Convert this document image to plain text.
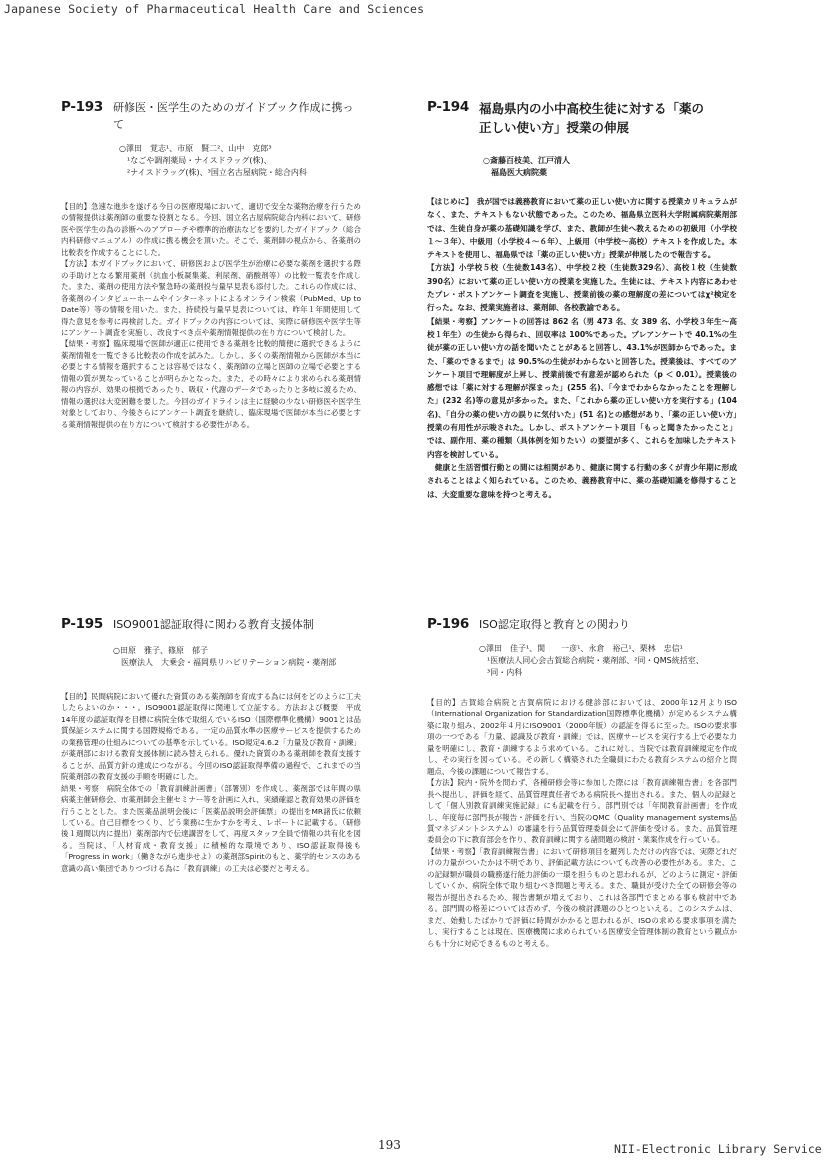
Japanese Society of Pharmaceutical Health Care and Sciences
P-193 研修医・医学生のためのガイドブック作成に携って
○澤田　覚志¹、市原　賢二²、山中　克郎³
¹なごや調剤薬局・ナイスドラッグ(株)、
²ナイスドラッグ(株)、³国立名古屋病院・総合内科

【目的】急速な進歩を遂げる今日の医療現場において、適切で安全な薬物治療を行うための情報提供は薬剤師の重要な役割となる。今回、国立名古屋病院総合内科において、研修医や医学生の為の診断へのアプローチや標準的治療法などを要約したガイドブック（総合内科研修マニュアル）の作成に携る機会を頂いた。そこで、薬剤師の視点から、各薬剤の比較表を作成することにした。

【方法】本ガイドブックにおいて、研修医および医学生が治療に必要な薬剤を選択する際の手助けとなる繁用薬剤（抗血小板凝集薬、利尿剤、硝酸剤等）の比較一覧表を作成した。また、薬剤の使用方法や緊急時の薬剤投与量早見表も添付した。これらの作成には、各薬剤のインタビューホームやインターネットによるオンライン検索（PubMed、Up to Date等）等の情報を用いた。また、持続投与量早見表については、昨年１年間使用して得た意見を参考に再検討した。ガイドブックの内容については、実際に研修医や医学生等にアンケート調査を実施し、改良すべき点や薬剤情報提供の在り方について検討した。

【結果・考察】臨床現場で医師が適正に使用できる薬剤を比較的簡便に選択できるように薬剤情報を一覧できる比較表の作成を試みた。しかし、多くの薬剤情報から医師が本当に必要とする情報を選択することは容易ではなく、薬剤師の立場と医師の立場で必要とする情報の質が異なっていることが明らかとなった。また、その時々により求められる薬剤情報の内容が、効果の根拠であったり、吸収・代謝のデータであったりと多岐に渡るため、情報の選択は大変困難を要した。今回のガイドラインは主に経験の少ない研修医や医学生対象としており、今後さらにアンケート調査を継続し、臨床現場で医師が本当に必要とする薬剤情報提供の在り方について検討する必要性がある。

P-194 福島県内の小中高校生徒に対する「薬の
正しい使い方」授業の伸展
○斎藤百枝美、江戸清人
福島医大病院薬

【はじめに】　我が国では義務教育において薬の正しい使い方に関する授業カリキュラムがなく、また、テキストもない状態であった。このため、福島県立医科大学附属病院薬剤部では、生徒自身が薬の基礎知識を学び、また、教師が生徒へ教えるための初級用（小学校１〜３年）、中級用（小学校４〜６年）、上級用（中学校〜高校）テキストを作成した。本テキストを使用し、福島県では「薬の正しい使い方」授業が伸展したので報告する。

【方法】小学校５校（生徒数143名）、中学校２校（生徒数329名）、高校１校（生徒数390名）において薬の正しい使い方の授業を実施した。生徒には、テキスト内容にあわせたプレ・ポストアンケート調査を実施し、授業前後の薬の理解度の差についてはχ²検定を行った。なお、授業実施者は、薬剤師、各校教諭である。

【結果・考察】アンケートの回答は 862 名（男 473 名、女 389 名、小学校３年生〜高校１年生）の生徒から得られ、回収率は 100%であった。プレアンケートで 40.1%の生徒が薬の正しい使い方の話を聞いたことがあると回答し、43.1%が医師からであった。また、「薬のできるまで」は 90.5%の生徒がわからないと回答した。授業後は、すべてのアンケート項目で理解度が上昇し、授業前後で有意差が認められた（p ＜ 0.01）。授業後の感想では「薬に対する理解が深まった」(255 名)、「今までわからなかったことを理解した」(232 名)等の意見が多かった。また、「これから薬の正しい使い方を実行する」(104 名)、「自分の薬の使い方の誤りに気付いた」(51 名)との感想があり、「薬の正しい使い方」授業の有用性が示唆された。しかし、ポストアンケート項目「もっと聞きたかったこと」では、副作用、薬の種類（具体例を知りたい）の要望が多く、これらを加味したテキスト内容を検討している。

　健康と生活習慣行動との間には相関があり、健康に関する行動の多くが青少年期に形成されることはよく知られている。このため、義務教育中に、薬の基礎知識を修得することは、大変重要な意味を持つと考える。

P-195 ISO9001認証取得に関わる教育支援体制
○田原　雅子、篠原　郁子
医療法人　大乗会・福岡県リハビリテーション病院・薬剤部

【目的】民間病院において優れた資質のある薬剤師を育成する為には何をどのように工夫したらよいのか・・・。ISO9001認証取得に関連して立証する。方法および概要　平成14年度の認証取得を目標に病院全体で取組んでいるISO（国際標準化機構）9001とは品質保証システムに関する国際規格である。一定の品質水準の医療サービスを提供するための業務管理の仕組みについての基準を示している。ISO規定4.6.2「力量及び教育・訓練」が薬剤部における教育支援体制に読み替えられる。優れた資質のある薬剤師を教育支援することが、品質方針の達成につながる。今回のISO認証取得準備の過程で、これまでの当院薬剤部の教育支援の手順を明確にした。

結果・考察　病院全体での「教育訓練計画書」（部署別）を作成し、薬剤部では年間の県病薬主催研修会、市薬剤師会主催セミナー等を計画に入れ、実績確認と教育効果の評価を行うこととした。また医薬品説明会後に「医薬品説明会評価票」の提出をMR諸氏に依頼している。自己目標をつくり、どう業務に生かすかを考え、レポートに記載する。（研修後１週間以内に提出）薬剤部内で伝達講習をして、再度スタッフ全員で情報の共有化を図る。当院は、「人材育成・教育支援」に積極的な環境であり、ISO認証取得後も「Progress in work」（働きながら進歩せよ）の薬剤部Spiritのもと、薬学的センスのある意識の高い集団でありつづける為に「教育訓練」の工夫は必要だと考える。

P-196 ISO認定取得と教育との関わり
○澤田　佳子¹、関　　一彦¹、永倉　裕己¹、栗林　忠信¹
¹医療法人同心会古賀総合病院・薬剤部、²同・QMS統括室、
³同・内科

【目的】古賀総合病院と古賀病院における健診部においては、2000年12月よりISO（International Organization for Standardization国際標準化機構）が定めるシステム構築に取り組み、2002年４月にISO9001（2000年版）の認証を得るに至った。ISOの要求事項の一つである「力量、認識及び教育・訓練」では、医療サービスを実行する上で必要な力量を明確にし、教育・訓練するよう求めている。これに対し、当院では教育訓練規定を作成し、その実行を図っている。その新しく構築された全職員にわたる教育システムの紹介と問題点、今後の課題について報告する。

【方法】院内・院外を問わず、各種研修会等に参加した際には「教育訓練報告書」を各部門長へ提出し、評価を経て、品質管理責任者である病院長へ提出される。また、個人の記録として「個人別教育訓練実施記録」にも記載を行う。部門別では「年間教育計画書」を作成し、年度毎に部門長が報告・評価を行い、当院のQMC（Quality management systems品質マネジメントシステム）の審議を行う品質管理委員会にて評価を受ける。また、品質管理委員会の下に教育部会を作り、教育訓練に関する諸問題の検討・業案作成を行っている。

【結果・考察】「教育訓練報告書」において研修項目を羅列しただけの内容では、実際どれだけの力量がついたかは不明であり、評価記載方法についても改善の必要性がある。また、この記録類が職員の職務遂行能力評価の一環を担うものと思われるが、どのように測定・評価していくか、病院全体で取り組むべき問題と考える。また、職員が受けた全ての研修会等の報告が提出されるため、報告書類が増えており、これは各部門でまとめる事も検討中である。部門間の格差については否めず、今後の検討課題のひとつといえる。このシステムは、まだ、始動したばかりで評価に時間がかかると思われるが、ISOの求める要求事項を満たし、実行することは現在、医療機関に求められている医療安全管理体制の教育という観点からも十分に対応できるものと考える。

193	NII-Electronic Library Service
